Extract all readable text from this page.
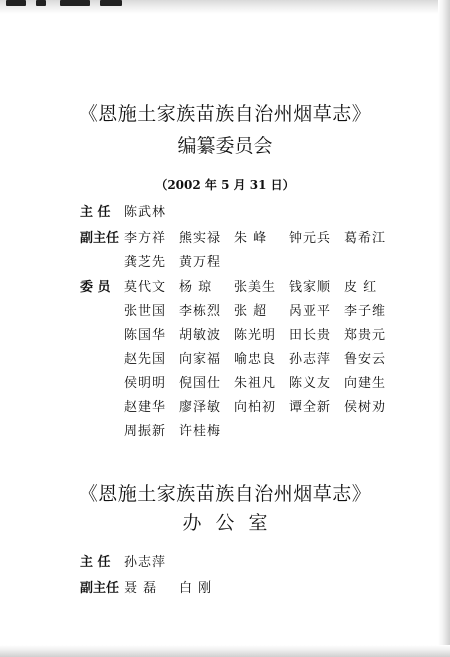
《恩施土家族苗族自治州烟草志》
编纂委员会
（2002 年 5 月 31 日）
主 任 陈武林
副主任 李方祥 熊实禄 朱 峰 钟元兵 葛希江
龚芝先 黄万程
委 员 莫代文 杨 琼 张美生 钱家顺 皮 红
张世国 李栋烈 张 超 呙亚平 李子维
陈国华 胡敏波 陈光明 田长贵 郑贵元
赵先国 向家福 喻忠良 孙志萍 鲁安云
侯明明 倪国仕 朱祖凡 陈义友 向建生
赵建华 廖泽敏 向柏初 谭全新 侯树劝
周振新 许桂梅
《恩施土家族苗族自治州烟草志》
办公室
主 任 孙志萍
副主任 聂 磊 白 刚
